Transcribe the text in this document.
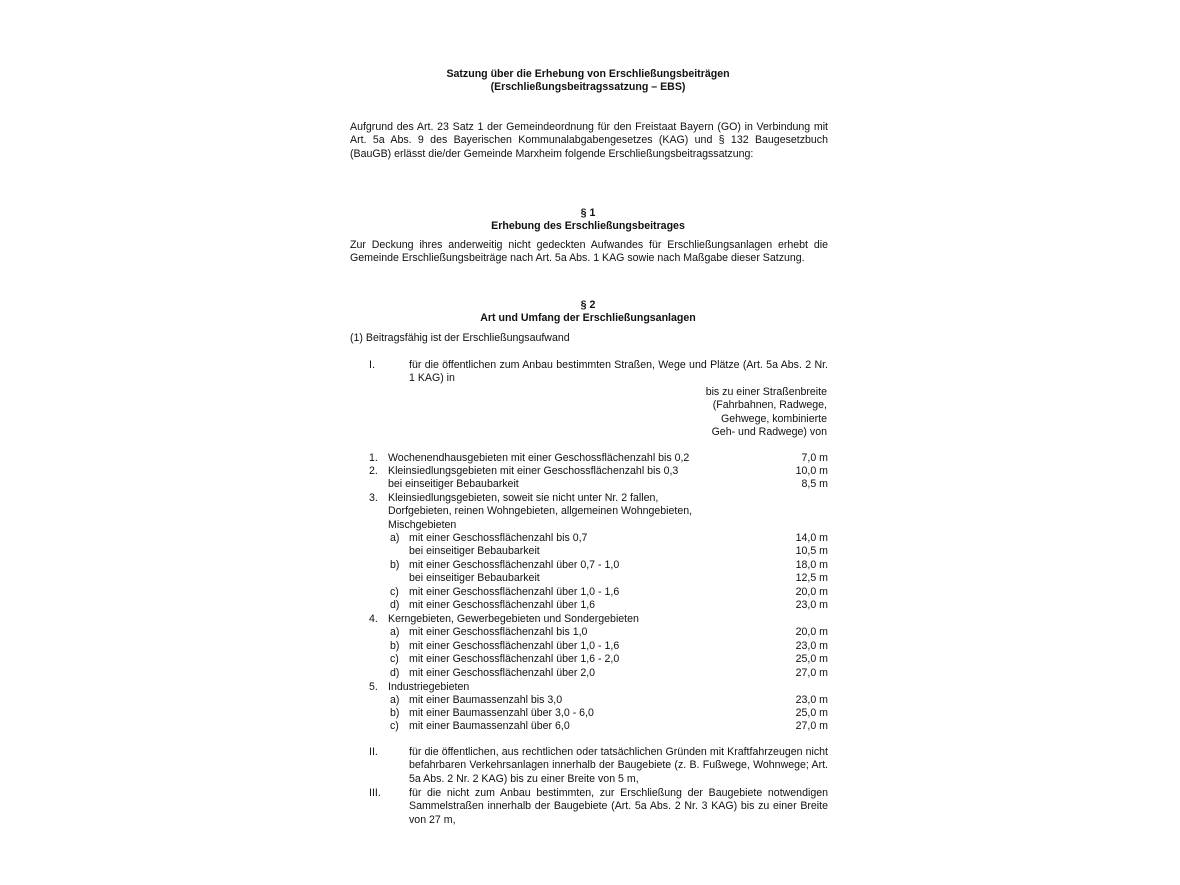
Satzung über die Erhebung von Erschließungsbeiträgen
(Erschließungsbeitragssatzung – EBS)
Aufgrund des Art. 23 Satz 1 der Gemeindeordnung für den Freistaat Bayern (GO) in Verbindung mit Art. 5a Abs. 9 des Bayerischen Kommunalabgabengesetzes (KAG) und § 132 Baugesetzbuch (BauGB) erlässt die/der Gemeinde Marxheim folgende Erschließungsbeitragssatzung:
§ 1
Erhebung des Erschließungsbeitrages
Zur Deckung ihres anderweitig nicht gedeckten Aufwandes für Erschließungsanlagen erhebt die Gemeinde Erschließungsbeiträge nach Art. 5a Abs. 1 KAG sowie nach Maßgabe dieser Satzung.
§ 2
Art und Umfang der Erschließungsanlagen
(1) Beitragsfähig ist der Erschließungsaufwand
I.	für die öffentlichen zum Anbau bestimmten Straßen, Wege und Plätze (Art. 5a Abs. 2 Nr. 1 KAG) in
bis zu einer Straßenbreite
(Fahrbahnen, Radwege,
Gehwege, kombinierte
Geh- und Radwege) von
1. Wochenendhausgebieten mit einer Geschossflächenzahl bis 0,2	7,0 m
2. Kleinsiedlungsgebieten mit einer Geschossflächenzahl bis 0,3	10,0 m
bei einseitiger Bebaubarkeit	8,5 m
3. Kleinsiedlungsgebieten, soweit sie nicht unter Nr. 2 fallen,
Dorfgebieten, reinen Wohngebieten, allgemeinen Wohngebieten,
Mischgebieten
a) mit einer Geschossflächenzahl bis 0,7	14,0 m
bei einseitiger Bebaubarkeit	10,5 m
b) mit einer Geschossflächenzahl über 0,7 - 1,0	18,0 m
bei einseitiger Bebaubarkeit	12,5 m
c) mit einer Geschossflächenzahl über 1,0 - 1,6	20,0 m
d) mit einer Geschossflächenzahl über 1,6	23,0 m
4. Kerngebieten, Gewerbegebieten und Sondergebieten
a) mit einer Geschossflächenzahl bis 1,0	20,0 m
b) mit einer Geschossflächenzahl über 1,0 - 1,6	23,0 m
c) mit einer Geschossflächenzahl über 1,6 - 2,0	25,0 m
d) mit einer Geschossflächenzahl über 2,0	27,0 m
5. Industriegebieten
a) mit einer Baumassenzahl bis 3,0	23,0 m
b) mit einer Baumassenzahl über 3,0 - 6,0	25,0 m
c) mit einer Baumassenzahl über 6,0	27,0 m
II.	für die öffentlichen, aus rechtlichen oder tatsächlichen Gründen mit Kraftfahrzeugen nicht befahrbaren Verkehrsanlagen innerhalb der Baugebiete (z. B. Fußwege, Wohnwege; Art. 5a Abs. 2 Nr. 2 KAG) bis zu einer Breite von 5 m,
III.	für die nicht zum Anbau bestimmten, zur Erschließung der Baugebiete notwendigen Sammelstraßen innerhalb der Baugebiete (Art. 5a Abs. 2 Nr. 3 KAG) bis zu einer Breite von 27 m,
